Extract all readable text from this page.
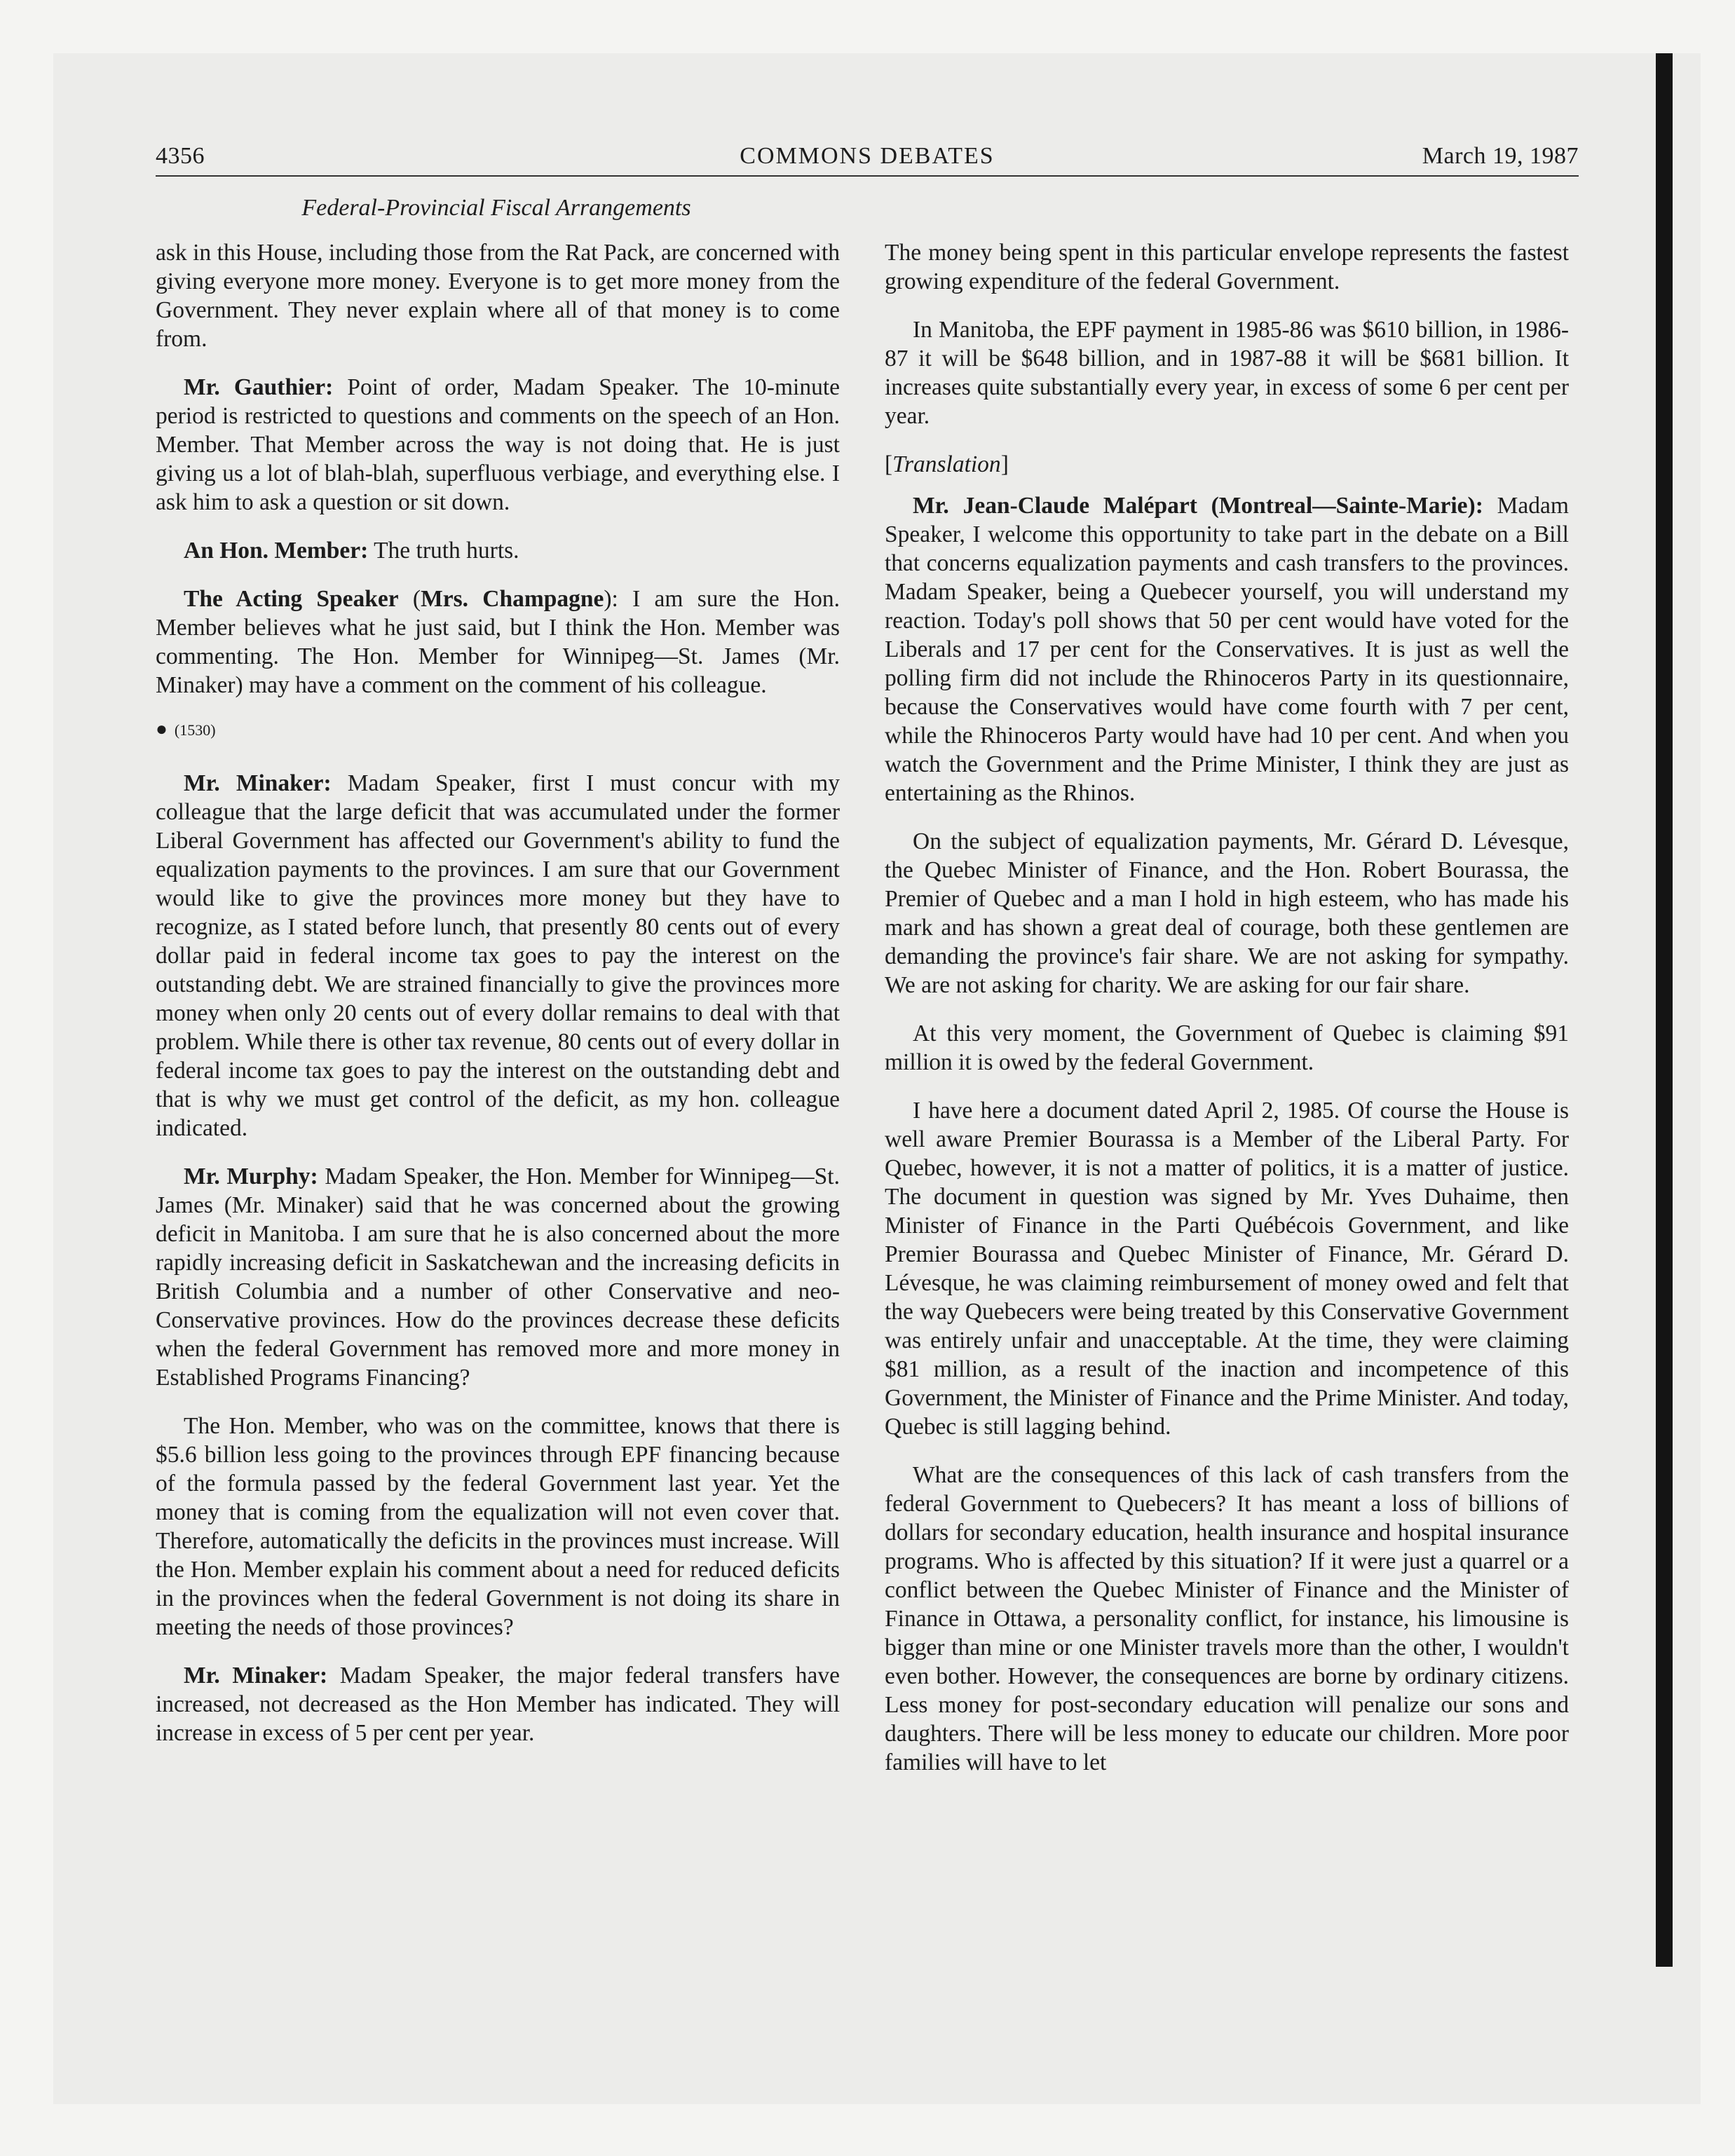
4356	COMMONS DEBATES	March 19, 1987
Federal-Provincial Fiscal Arrangements

ask in this House, including those from the Rat Pack, are concerned with giving everyone more money. Everyone is to get more money from the Government. They never explain where all of that money is to come from.

Mr. Gauthier: Point of order, Madam Speaker. The 10-minute period is restricted to questions and comments on the speech of an Hon. Member. That Member across the way is not doing that. He is just giving us a lot of blah-blah, superfluous verbiage, and everything else. I ask him to ask a question or sit down.

An Hon. Member: The truth hurts.

The Acting Speaker (Mrs. Champagne): I am sure the Hon. Member believes what he just said, but I think the Hon. Member was commenting. The Hon. Member for Winnipeg—St. James (Mr. Minaker) may have a comment on the comment of his colleague.

● (1530)

Mr. Minaker: Madam Speaker, first I must concur with my colleague that the large deficit that was accumulated under the former Liberal Government has affected our Government's ability to fund the equalization payments to the provinces. I am sure that our Government would like to give the provinces more money but they have to recognize, as I stated before lunch, that presently 80 cents out of every dollar paid in federal income tax goes to pay the interest on the outstanding debt. We are strained financially to give the provinces more money when only 20 cents out of every dollar remains to deal with that problem. While there is other tax revenue, 80 cents out of every dollar in federal income tax goes to pay the interest on the outstanding debt and that is why we must get control of the deficit, as my hon. colleague indicated.

Mr. Murphy: Madam Speaker, the Hon. Member for Winnipeg—St. James (Mr. Minaker) said that he was concerned about the growing deficit in Manitoba. I am sure that he is also concerned about the more rapidly increasing deficit in Saskatchewan and the increasing deficits in British Columbia and a number of other Conservative and neo-Conservative provinces. How do the provinces decrease these deficits when the federal Government has removed more and more money in Established Programs Financing?

The Hon. Member, who was on the committee, knows that there is $5.6 billion less going to the provinces through EPF financing because of the formula passed by the federal Government last year. Yet the money that is coming from the equalization will not even cover that. Therefore, automatically the deficits in the provinces must increase. Will the Hon. Member explain his comment about a need for reduced deficits in the provinces when the federal Government is not doing its share in meeting the needs of those provinces?

Mr. Minaker: Madam Speaker, the major federal transfers have increased, not decreased as the Hon Member has indicated. They will increase in excess of 5 per cent per year.

The money being spent in this particular envelope represents the fastest growing expenditure of the federal Government.

In Manitoba, the EPF payment in 1985-86 was $610 billion, in 1986-87 it will be $648 billion, and in 1987-88 it will be $681 billion. It increases quite substantially every year, in excess of some 6 per cent per year.

[Translation]

Mr. Jean-Claude Malépart (Montreal—Sainte-Marie): Madam Speaker, I welcome this opportunity to take part in the debate on a Bill that concerns equalization payments and cash transfers to the provinces. Madam Speaker, being a Quebecer yourself, you will understand my reaction. Today's poll shows that 50 per cent would have voted for the Liberals and 17 per cent for the Conservatives. It is just as well the polling firm did not include the Rhinoceros Party in its questionnaire, because the Conservatives would have come fourth with 7 per cent, while the Rhinoceros Party would have had 10 per cent. And when you watch the Government and the Prime Minister, I think they are just as entertaining as the Rhinos.

On the subject of equalization payments, Mr. Gérard D. Lévesque, the Quebec Minister of Finance, and the Hon. Robert Bourassa, the Premier of Quebec and a man I hold in high esteem, who has made his mark and has shown a great deal of courage, both these gentlemen are demanding the province's fair share. We are not asking for sympathy. We are not asking for charity. We are asking for our fair share.

At this very moment, the Government of Quebec is claiming $91 million it is owed by the federal Government.

I have here a document dated April 2, 1985. Of course the House is well aware Premier Bourassa is a Member of the Liberal Party. For Quebec, however, it is not a matter of politics, it is a matter of justice. The document in question was signed by Mr. Yves Duhaime, then Minister of Finance in the Parti Québécois Government, and like Premier Bourassa and Quebec Minister of Finance, Mr. Gérard D. Lévesque, he was claiming reimbursement of money owed and felt that the way Quebecers were being treated by this Conservative Government was entirely unfair and unacceptable. At the time, they were claiming $81 million, as a result of the inaction and incompetence of this Government, the Minister of Finance and the Prime Minister. And today, Quebec is still lagging behind.

What are the consequences of this lack of cash transfers from the federal Government to Quebecers? It has meant a loss of billions of dollars for secondary education, health insurance and hospital insurance programs. Who is affected by this situation? If it were just a quarrel or a conflict between the Quebec Minister of Finance and the Minister of Finance in Ottawa, a personality conflict, for instance, his limousine is bigger than mine or one Minister travels more than the other, I wouldn't even bother. However, the consequences are borne by ordinary citizens. Less money for post-secondary education will penalize our sons and daughters. There will be less money to educate our children. More poor families will have to let
